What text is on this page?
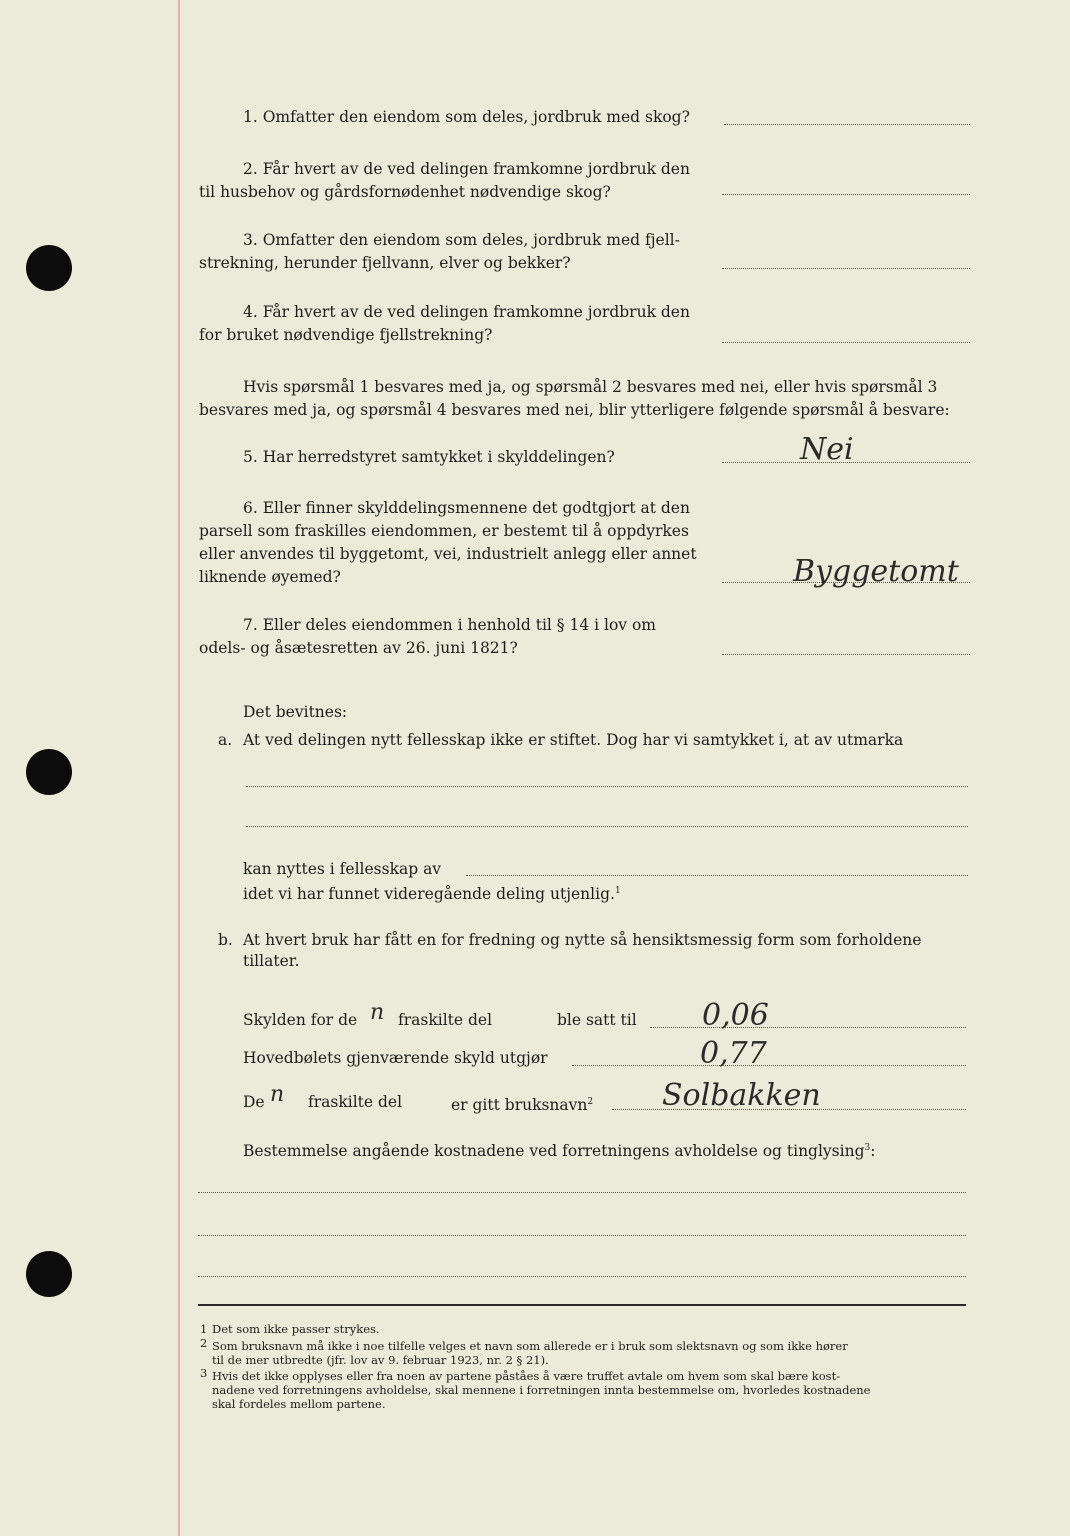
1. Omfatter den eiendom som deles, jordbruk med skog?
2. Får hvert av de ved delingen framkomne jordbruk den
til husbehov og gårdsfornødenhet nødvendige skog?
3. Omfatter den eiendom som deles, jordbruk med fjell-
strekning, herunder fjellvann, elver og bekker?
4. Får hvert av de ved delingen framkomne jordbruk den
for bruket nødvendige fjellstrekning?
Hvis spørsmål 1 besvares med ja, og spørsmål 2 besvares med nei, eller hvis spørsmål 3
besvares med ja, og spørsmål 4 besvares med nei, blir ytterligere følgende spørsmål å besvare:
5. Har herredstyret samtykket i skylddelingen?	Nei
6. Eller finner skylddelingsmennene det godtgjort at den
parsell som fraskilles eiendommen, er bestemt til å oppdyrkes
eller anvendes til byggetomt, vei, industrielt anlegg eller annet
liknende øyemed?	Byggetomt
7. Eller deles eiendommen i henhold til § 14 i lov om
odels- og åsætesretten av 26. juni 1821?
Det bevitnes:
a. At ved delingen nytt fellesskap ikke er stiftet. Dog har vi samtykket i, at av utmarka
kan nyttes i fellesskap av
idet vi har funnet videregående deling utjenlig.$^1$
b. At hvert bruk har fått en for fredning og nytte så hensiktsmessig form som forholdene
tillater.
Skylden for de n fraskilte del	ble satt til 0,06
Hovedbølets gjenværende skyld utgjør	0,77
De n fraskilte del	er gitt bruksnavn$^2$ Solbakken
Bestemmelse angående kostnadene ved forretningens avholdelse og tinglysing$^3$:
1 Det som ikke passer strykes.
2 Som bruksnavn må ikke i noe tilfelle velges et navn som allerede er i bruk som slektsnavn og som ikke hører
til de mer utbredte (jfr. lov av 9. februar 1923, nr. 2 § 21).
3 Hvis det ikke opplyses eller fra noen av partene påståes å være truffet avtale om hvem som skal bære kost-
nadene ved forretningens avholdelse, skal mennene i forretningen innta bestemmelse om, hvorledes kostnadene
skal fordeles mellom partene.
